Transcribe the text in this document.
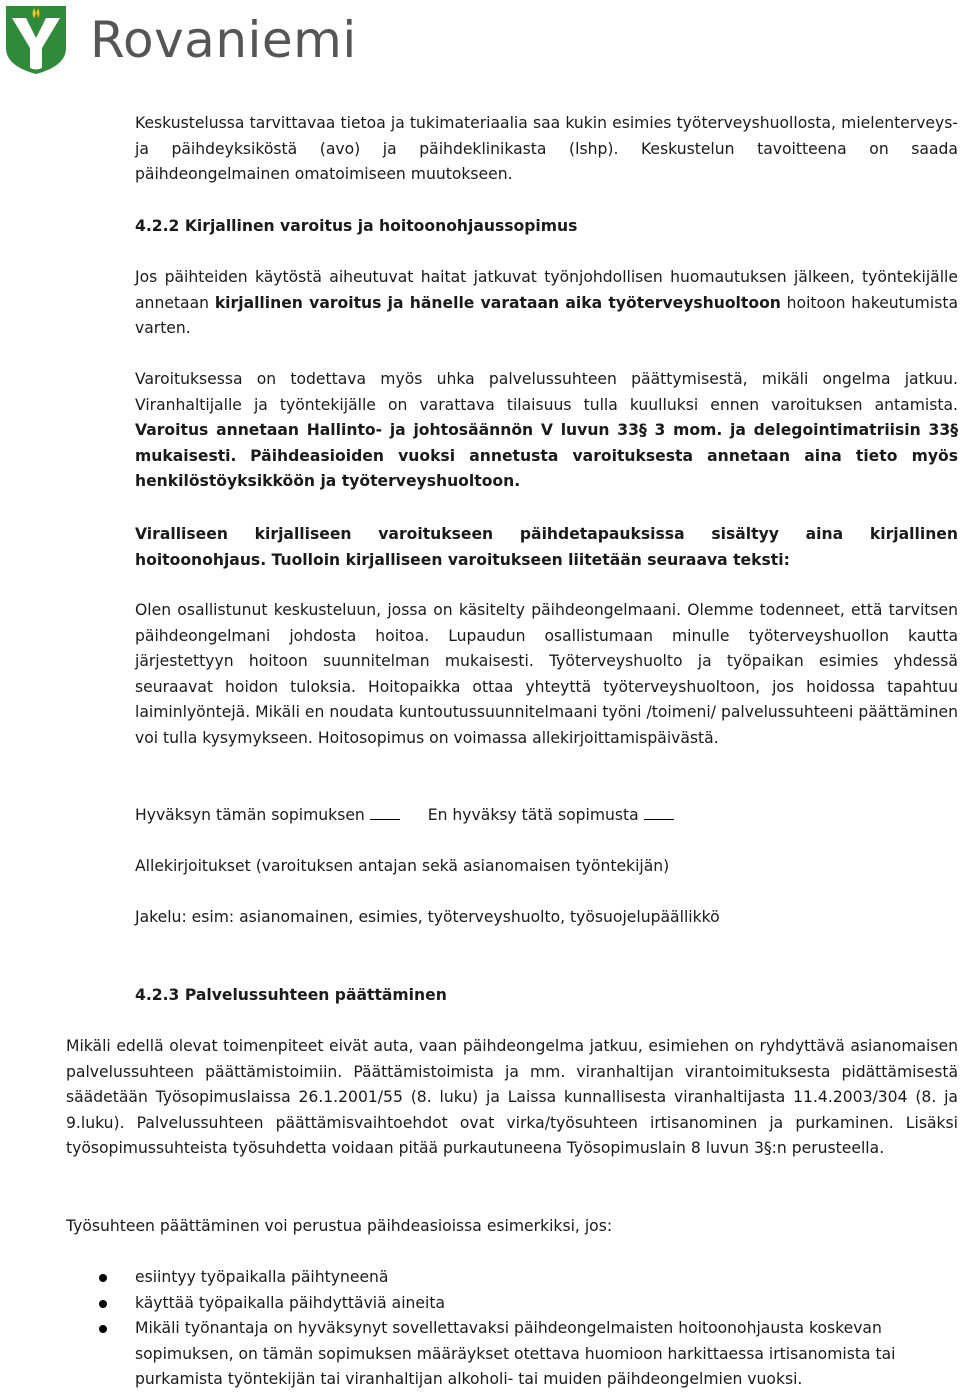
Rovaniemi

Keskustelussa tarvittavaa tietoa ja tukimateriaalia saa kukin esimies työterveyshuollosta, mielenterveys- ja päihdeyksiköstä (avo) ja päihdeklinikasta (lshp). Keskustelun tavoitteena on saada päihdeongelmainen omatoimiseen muutokseen.

4.2.2 Kirjallinen varoitus ja hoitoonohjaussopimus

Jos päihteiden käytöstä aiheutuvat haitat jatkuvat työnjohdollisen huomautuksen jälkeen, työntekijälle annetaan kirjallinen varoitus ja hänelle varataan aika työterveyshuoltoon hoitoon hakeutumista varten.

Varoituksessa on todettava myös uhka palvelussuhteen päättymisestä, mikäli ongelma jatkuu. Viranhaltijalle ja työntekijälle on varattava tilaisuus tulla kuulluksi ennen varoituksen antamista. Varoitus annetaan Hallinto- ja johtosäännön V luvun 33§ 3 mom. ja delegointimatriisin 33§ mukaisesti. Päihdeasioiden vuoksi annetusta varoituksesta annetaan aina tieto myös henkilöstöyksikköön ja työterveyshuoltoon.

Viralliseen kirjalliseen varoitukseen päihdetapauksissa sisältyy aina kirjallinen hoitoonohjaus. Tuolloin kirjalliseen varoitukseen liitetään seuraava teksti:

Olen osallistunut keskusteluun, jossa on käsitelty päihdeongelmaani. Olemme todenneet, että tarvitsen päihdeongelmani johdosta hoitoa. Lupaudun osallistumaan minulle työterveyshuollon kautta järjestettyyn hoitoon suunnitelman mukaisesti. Työterveyshuolto ja työpaikan esimies yhdessä seuraavat hoidon tuloksia. Hoitopaikka ottaa yhteyttä työterveyshuoltoon, jos hoidossa tapahtuu laiminlyöntejä. Mikäli en noudata kuntoutussuunnitelmaani työni /toimeni/ palvelussuhteeni päättäminen voi tulla kysymykseen. Hoitosopimus on voimassa allekirjoittamispäivästä.

Hyväksyn tämän sopimuksen	En hyväksy tätä sopimusta

Allekirjoitukset (varoituksen antajan sekä asianomaisen työntekijän)

Jakelu: esim: asianomainen, esimies, työterveyshuolto, työsuojelupäällikkö

4.2.3 Palvelussuhteen päättäminen

Mikäli edellä olevat toimenpiteet eivät auta, vaan päihdeongelma jatkuu, esimiehen on ryhdyttävä asianomaisen palvelussuhteen päättämistoimiin. Päättämistoimista ja mm. viranhaltijan virantoimituksesta pidättämisestä säädetään Työsopimuslaissa 26.1.2001/55 (8. luku) ja Laissa kunnallisesta viranhaltijasta 11.4.2003/304 (8. ja 9.luku). Palvelussuhteen päättämisvaihtoehdot ovat virka/työsuhteen irtisanominen ja purkaminen. Lisäksi työsopimussuhteista työsuhdetta voidaan pitää purkautuneena Työsopimuslain 8 luvun 3§:n perusteella.

Työsuhteen päättäminen voi perustua päihdeasioissa esimerkiksi, jos:

esiintyy työpaikalla päihtyneenä
käyttää työpaikalla päihdyttäviä aineita
Mikäli työnantaja on hyväksynyt sovellettavaksi päihdeongelmaisten hoitoonohjausta koskevan sopimuksen, on tämän sopimuksen määräykset otettava huomioon harkittaessa irtisanomista tai purkamista työntekijän tai viranhaltijan alkoholi- tai muiden päihdeongelmien vuoksi.
